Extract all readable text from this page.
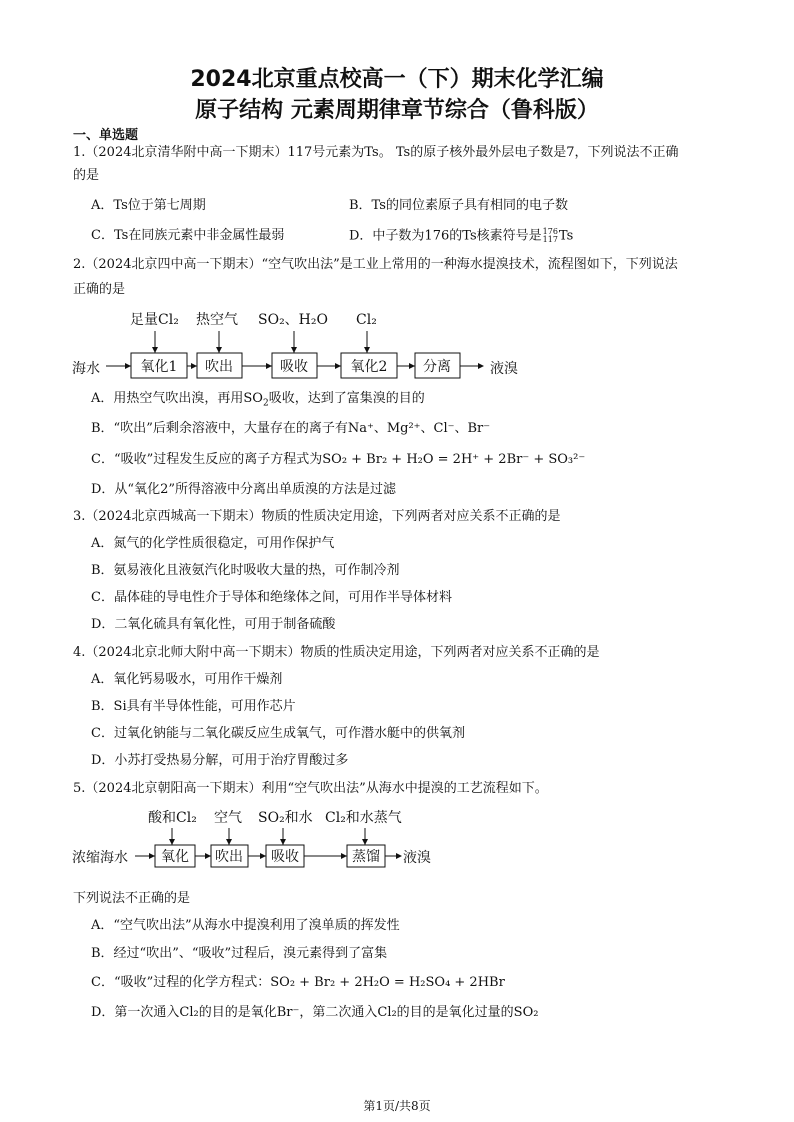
2024北京重点校高一（下）期末化学汇编
原子结构 元素周期律章节综合（鲁科版）
一、单选题
1.（2024北京清华附中高一下期末）117号元素为Ts。 Ts的原子核外最外层电子数是7，下列说法不正确
的是
A．Ts位于第七周期	B．Ts的同位素原子具有相同的电子数
C．Ts在同族元素中非金属性最弱	D．中子数为176的Ts核素符号是 176
117 Ts
2.（2024北京四中高一下期末）“空气吹出法”是工业上常用的一种海水提溴技术，流程图如下，下列说法
正确的是
足量Cl₂ 热空气 SO₂、H₂O Cl₂
海水	液溴
氧化1 吹出	吸收	氧化2	分离
A．用热空气吹出溴，再用$SO_2$吸收，达到了富集溴的目的
B．“吹出”后剩余溶液中，大量存在的离子有Na⁺、Mg²⁺、Cl⁻、Br⁻
C．“吸收”过程发生反应的离子方程式为SO₂ + Br₂ + H₂O = 2H⁺ + 2Br⁻ + SO₃²⁻
D．从“氧化2”所得溶液中分离出单质溴的方法是过滤
3.（2024北京西城高一下期末）物质的性质决定用途，下列两者对应关系不正确的是
A．氮气的化学性质很稳定，可用作保护气
B．氨易液化且液氨汽化时吸收大量的热，可作制冷剂
C．晶体硅的导电性介于导体和绝缘体之间，可用作半导体材料
D．二氧化硫具有氧化性，可用于制备硫酸
4.（2024北京北师大附中高一下期末）物质的性质决定用途，下列两者对应关系不正确的是
A．氧化钙易吸水，可用作干燥剂
B．Si具有半导体性能，可用作芯片
C．过氧化钠能与二氧化碳反应生成氧气，可作潜水艇中的供氧剂
D．小苏打受热易分解，可用于治疗胃酸过多
5.（2024北京朝阳高一下期末）利用“空气吹出法”从海水中提溴的工艺流程如下。
酸和Cl₂ 空气 SO₂和水 Cl₂和水蒸气
浓缩海水	液溴
氧化 吹出 吸收	蒸馏
下列说法不正确的是
A．“空气吹出法”从海水中提溴利用了溴单质的挥发性
B．经过“吹出”、“吸收”过程后，溴元素得到了富集
C．“吸收”过程的化学方程式：SO₂ + Br₂ + 2H₂O = H₂SO₄ + 2HBr
D．第一次通入Cl₂的目的是氧化Br⁻，第二次通入Cl₂的目的是氧化过量的SO₂
第1页/共8页
